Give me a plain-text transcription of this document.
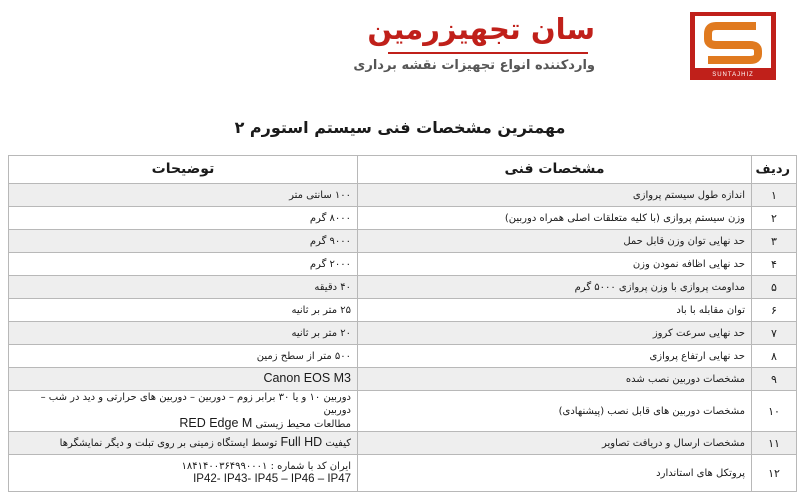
سان تجهیزرمین
واردکننده انواع تجهیزات نقشه برداری
SUNTAJHIZ
مهمترین مشخصات فنی سیستم استورم ۲
ردیف	مشخصات فنی	توضیحات
۱	اندازه طول سیستم پروازی	۱۰۰ سانتی متر
۲	وزن سیستم پروازی (با کلیه متعلقات اصلی همراه دوربین)	۸۰۰۰ گرم
۳	حد نهایی توان وزن قابل حمل	۹۰۰۰ گرم
۴	حد نهایی اظافه نمودن وزن	۲۰۰۰ گرم
۵	مداومت پروازی با وزن پروازی ۵۰۰۰ گرم	۴۰ دقیقه
۶	توان مقابله با باد	۲۵ متر بر ثانیه
۷	حد نهایی سرعت کروز	۲۰ متر بر ثانیه
۸	حد نهایی ارتفاع پروازی	۵۰۰ متر از سطح زمین
۹	مشخصات دوربین نصب شده	Canon EOS M3
۱۰	مشخصات دوربین های قابل نصب (پیشنهادی)	دوربین ۱۰ و یا ۳۰ برابر زوم – دوربین – دوربین های حرارتی و دید در شب – دوربین
مطالعات محیط زیستی RED Edge M

۱۱	مشخصات ارسال و دریافت تصاویر	کیفیت Full HD توسط ایستگاه زمینی بر روی تبلت و دیگر نمایشگرها
۱۲	پروتکل های استاندارد	ایران کد با شماره : ۱۸۴۱۴۰۰۳۶۴۹۹۰۰۰۱
IP42- IP43- IP45 – IP46 – IP47
